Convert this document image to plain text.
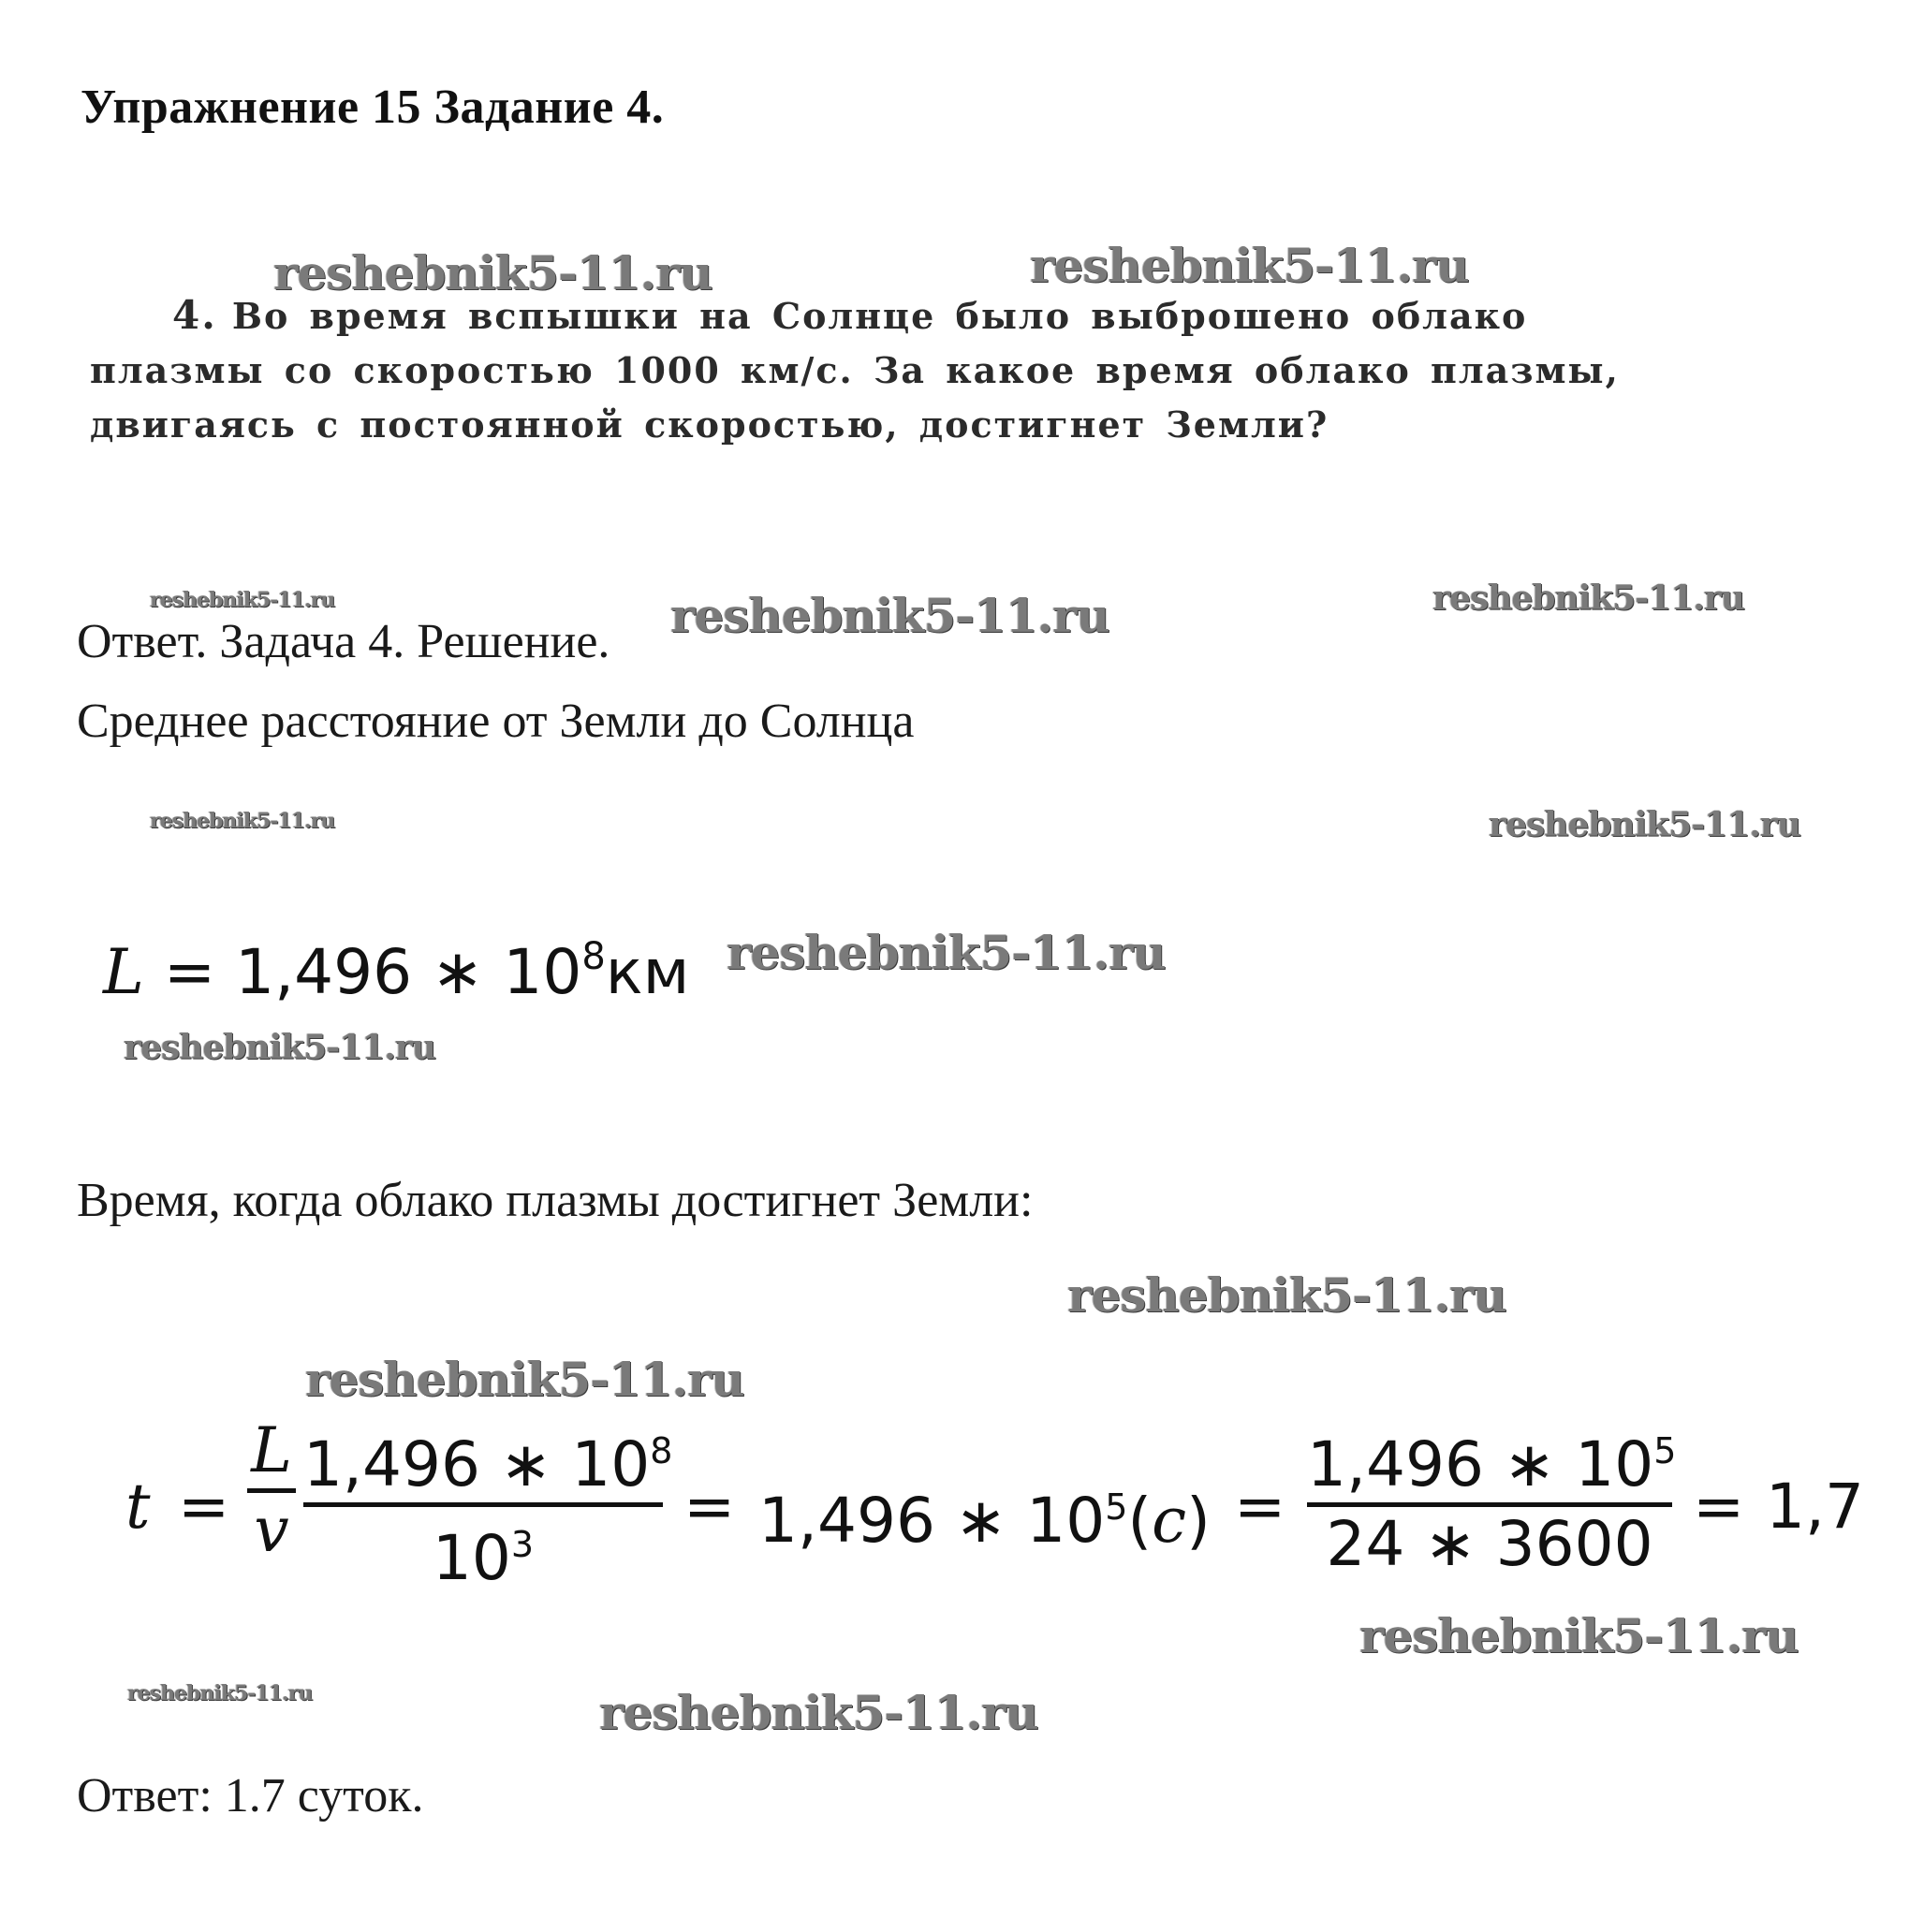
Упражнение 15 Задание 4.
reshebnik5-11.ru	reshebnik5-11.ru
4. Во время вспышки на Солнце было выброшено облако
плазмы со скоростью 1000 км/с. За какое время облако плазмы,
двигаясь с постоянной скоростью, достигнет Земли?
reshebnik5-11.ru	reshebnik5-11.ru
Ответ. Задача 4. Решение. reshebnik5-11.ru
Среднее расстояние от Земли до Солнца
reshebnik5-11.ru	reshebnik5-11.ru
L = 1,496 ∗ $10^8км$ reshebnik5-11.ru
reshebnik5-11.ru
Время, когда облако плазмы достигнет Земли:
reshebnik5-11.ru
reshebnik5-11.ru
t =
L
v
1,496 ∗ $10^8$
$10^3$
= 1,496 ∗ $10^5(c)$ =
1,496 ∗ $10^5$
24 ∗ 3600
= 1,7
reshebnik5-11.ru
reshebnik5-11.ru	reshebnik5-11.ru
Ответ: 1.7 суток.
